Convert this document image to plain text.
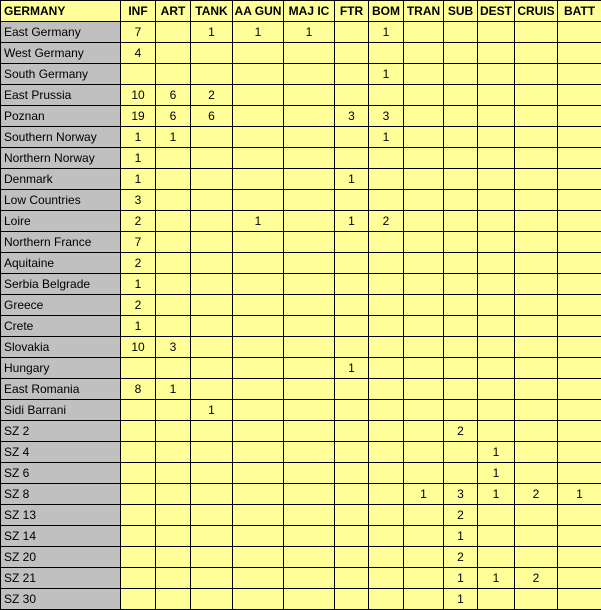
GERMANY	INF	ART	TANK	AA GUN	MAJ IC	FTR	BOM	TRAN	SUB	DEST	CRUIS	BATT
East Germany	7		1	1	1		1					
West Germany	4											
South Germany							1					
East Prussia	10	6	2									
Poznan	19	6	6			3	3					
Southern Norway	1	1					1					
Northern Norway	1											
Denmark	1					1						
Low Countries	3											
Loire	2			1		1	2					
Northern France	7											
Aquitaine	2											
Serbia Belgrade	1											
Greece	2											
Crete	1											
Slovakia	10	3										
Hungary						1						
East Romania	8	1										
Sidi Barrani			1									
SZ 2									2			
SZ 4										1		
SZ 6										1		
SZ 8								1	3	1	2	1
SZ 13									2			
SZ 14									1			
SZ 20									2			
SZ 21									1	1	2	
SZ 30									1			
